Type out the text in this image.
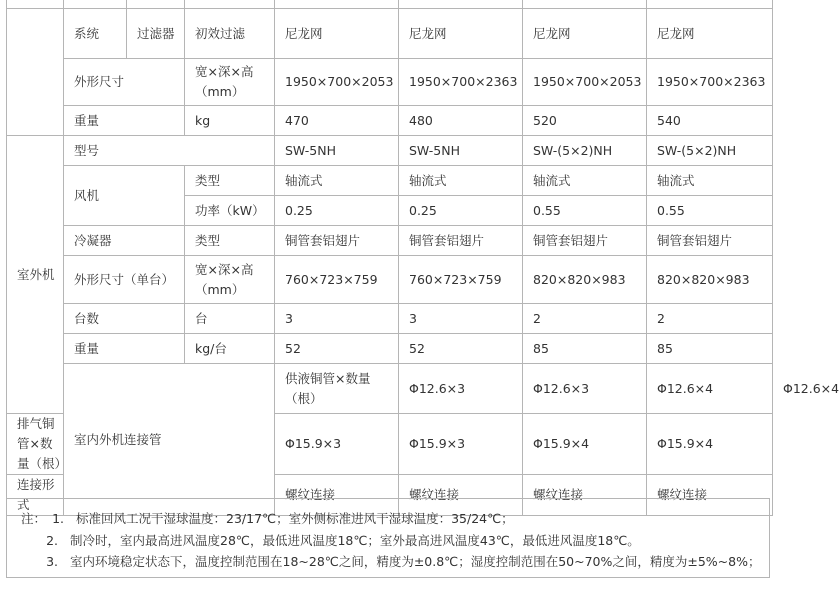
	系统	过滤器	初效过滤	尼龙网	尼龙网	尼龙网	尼龙网	
	外形尺寸		宽×深×高（mm）	1950×700×2053	1950×700×2363	1950×700×2053	1950×700×2363	
	重量		kg	470	480	520	540	
室外机	型号			SW-5NH	SW-5NH	SW-(5×2)NH	SW-(5×2)NH	
	风机		类型	轴流式	轴流式	轴流式	轴流式	
			功率（kW）	0.25	0.25	0.55	0.55	
	冷凝器		类型	铜管套铝翅片	铜管套铝翅片	铜管套铝翅片	铜管套铝翅片	
	外形尺寸（单台）		宽×深×高（mm）	760×723×759	760×723×759	820×820×983	820×820×983	
	台数		台	3	3	2	2	
	重量		kg/台	52	52	85	85	
	室内外机连接管			供液铜管×数量（根）	Φ12.6×3	Φ12.6×3	Φ12.6×4	Φ12.6×4
排气铜管×数量（根）				Φ15.9×3	Φ15.9×3	Φ15.9×4	Φ15.9×4	
连接形式				螺纹连接	螺纹连接	螺纹连接	螺纹连接	
注： 1. 标准回风工况干湿球温度：23/17℃；室外侧标准进风干湿球温度：35/24℃；
2. 制冷时，室内最高进风温度28℃，最低进风温度18℃；室外最高进风温度43℃，最低进风温度18℃。
3. 室内环境稳定状态下，温度控制范围在18~28℃之间，精度为±0.8℃；湿度控制范围在50~70%之间，精度为±5%~8%；
